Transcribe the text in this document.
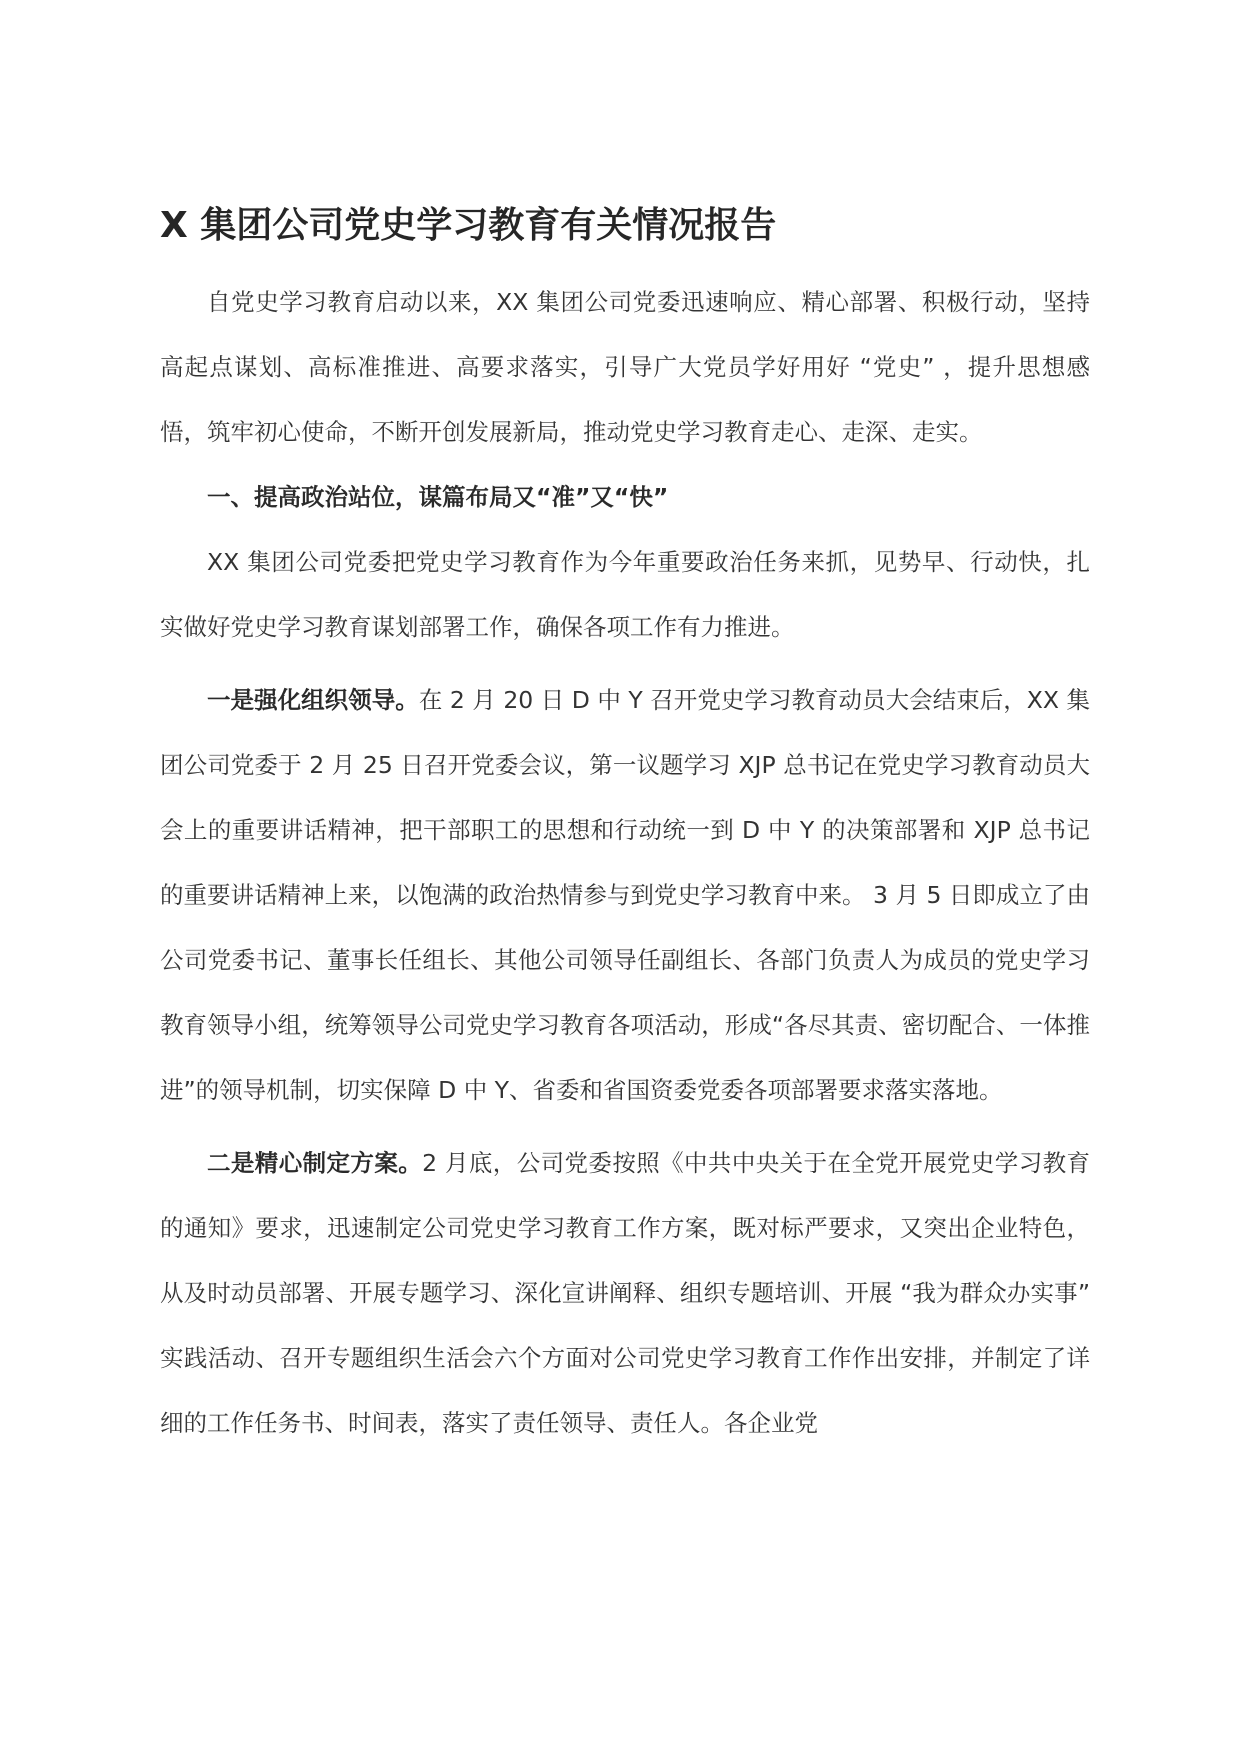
X 集团公司党史学习教育有关情况报告

自党史学习教育启动以来，XX 集团公司党委迅速响应、精心部署、积极行动，坚持高起点谋划、高标准推进、高要求落实，引导广大党员学好用好 “党史” ，提升思想感悟，筑牢初心使命，不断开创发展新局，推动党史学习教育走心、走深、走实。

一、提高政治站位，谋篇布局又“准”又“快”

XX 集团公司党委把党史学习教育作为今年重要政治任务来抓，见势早、行动快，扎实做好党史学习教育谋划部署工作，确保各项工作有力推进。

一是强化组织领导。在 2 月 20 日 D 中 Y 召开党史学习教育动员大会结束后，XX 集团公司党委于 2 月 25 日召开党委会议，第一议题学习 XJP 总书记在党史学习教育动员大会上的重要讲话精神，把干部职工的思想和行动统一到 D 中 Y 的决策部署和 XJP 总书记的重要讲话精神上来，以饱满的政治热情参与到党史学习教育中来。 3 月 5 日即成立了由公司党委书记、董事长任组长、其他公司领导任副组长、各部门负责人为成员的党史学习教育领导小组，统筹领导公司党史学习教育各项活动，形成“各尽其责、密切配合、一体推进”的领导机制，切实保障 D 中 Y、省委和省国资委党委各项部署要求落实落地。

二是精心制定方案。2 月底，公司党委按照《中共中央关于在全党开展党史学习教育的通知》要求，迅速制定公司党史学习教育工作方案，既对标严要求，又突出企业特色，从及时动员部署、开展专题学习、深化宣讲阐释、组织专题培训、开展 “我为群众办实事” 实践活动、召开专题组织生活会六个方面对公司党史学习教育工作作出安排，并制定了详细的工作任务书、时间表，落实了责任领导、责任人。各企业党
